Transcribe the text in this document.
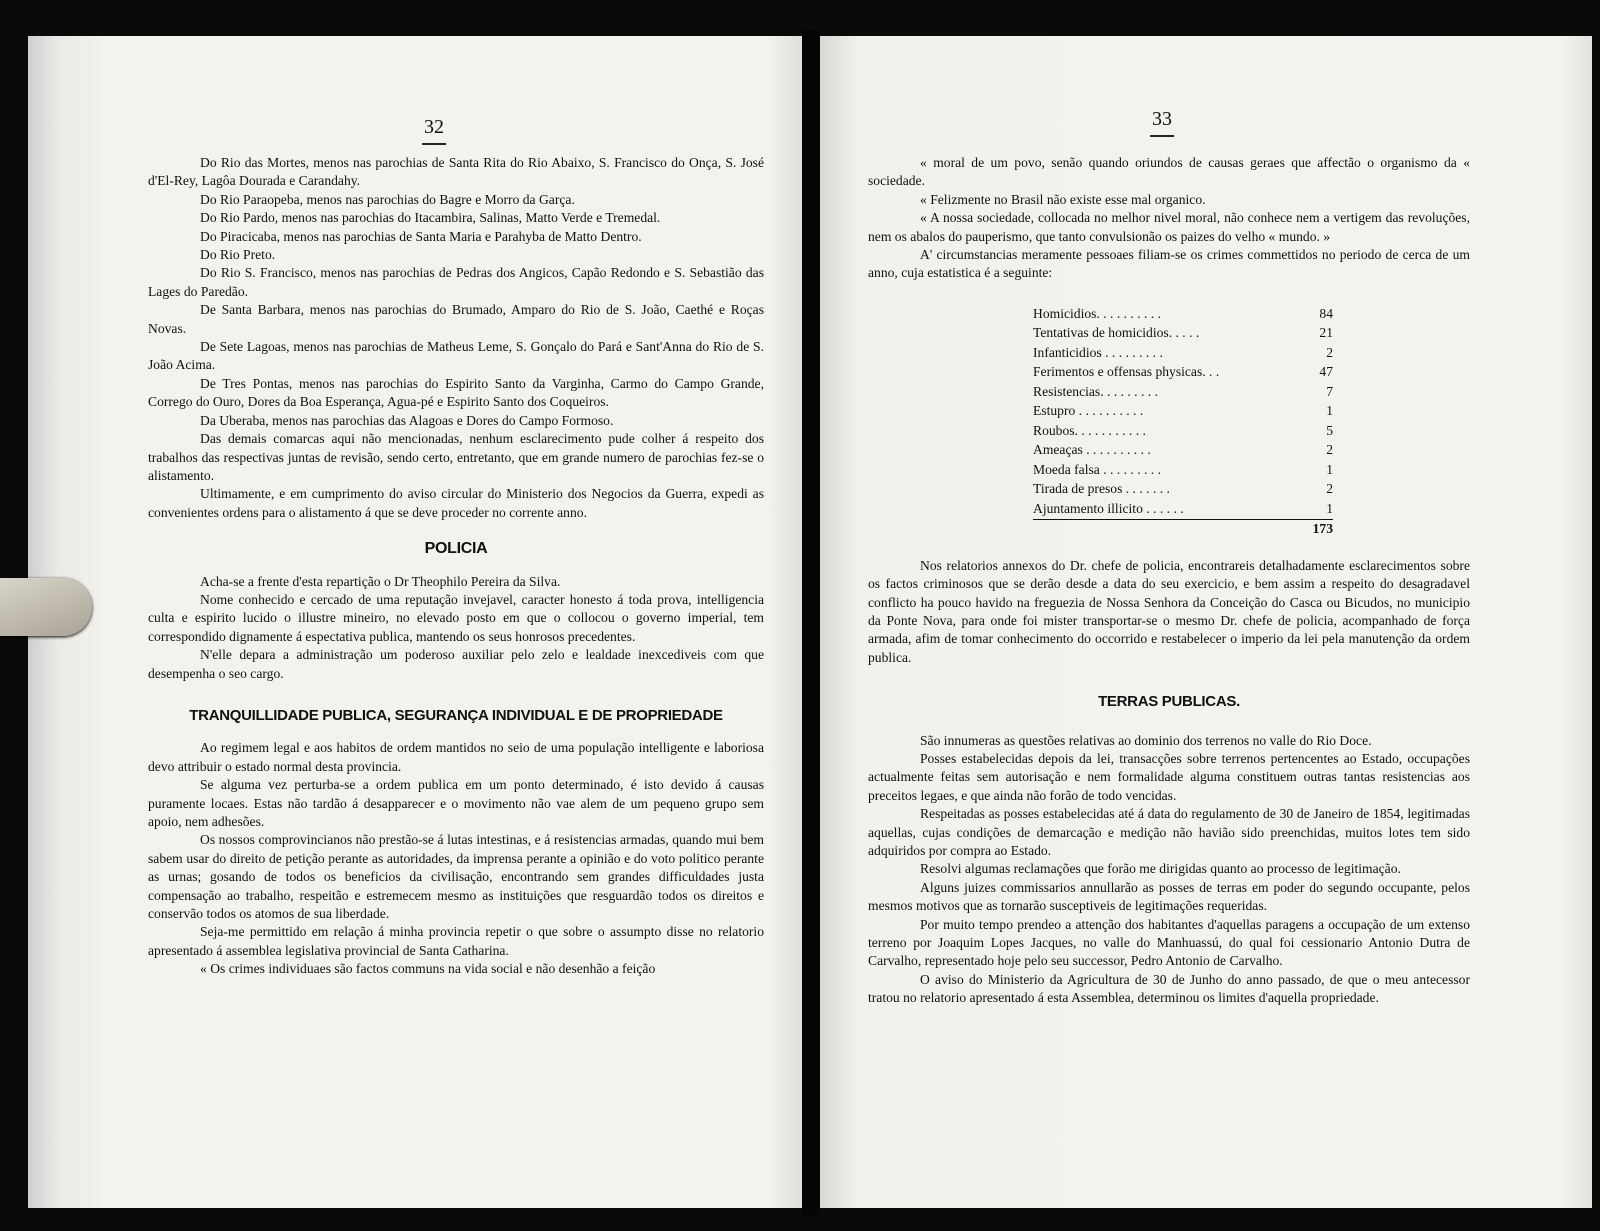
32

Do Rio das Mortes, menos nas parochias de Santa Rita do Rio Abaixo, S. Francisco do Onça, S. José d'El-Rey, Lagôa Dourada e Carandahy.

Do Rio Paraopeba, menos nas parochias do Bagre e Morro da Garça.

Do Rio Pardo, menos nas parochias do Itacambira, Salinas, Matto Verde e Tremedal.

Do Piracicaba, menos nas parochias de Santa Maria e Parahyba de Matto Dentro.

Do Rio Preto.

Do Rio S. Francisco, menos nas parochias de Pedras dos Angicos, Capão Redondo e S. Sebastião das Lages do Paredão.

De Santa Barbara, menos nas parochias do Brumado, Amparo do Rio de S. João, Caethé e Roças Novas.

De Sete Lagoas, menos nas parochias de Matheus Leme, S. Gonçalo do Pará e Sant'Anna do Rio de S. João Acima.

De Tres Pontas, menos nas parochias do Espirito Santo da Varginha, Carmo do Campo Grande, Corrego do Ouro, Dores da Boa Esperança, Agua-pé e Espirito Santo dos Coqueiros.

Da Uberaba, menos nas parochias das Alagoas e Dores do Campo Formoso.

Das demais comarcas aqui não mencionadas, nenhum esclarecimento pude colher á respeito dos trabalhos das respectivas juntas de revisão, sendo certo, entretanto, que em grande numero de parochias fez-se o alistamento.

Ultimamente, e em cumprimento do aviso circular do Ministerio dos Negocios da Guerra, expedi as convenientes ordens para o alistamento á que se deve proceder no corrente anno.

POLICIA

Acha-se a frente d'esta repartição o Dr Theophilo Pereira da Silva.

Nome conhecido e cercado de uma reputação invejavel, caracter honesto á toda prova, intelligencia culta e espirito lucido o illustre mineiro, no elevado posto em que o collocou o governo imperial, tem correspondido dignamente á espectativa publica, mantendo os seus honrosos precedentes.

N'elle depara a administração um poderoso auxiliar pelo zelo e lealdade inexcediveis com que desempenha o seo cargo.

TRANQUILLIDADE PUBLICA, SEGURANÇA INDIVIDUAL E DE PROPRIEDADE

Ao regimem legal e aos habitos de ordem mantidos no seio de uma população intelligente e laboriosa devo attribuir o estado normal desta provincia.

Se alguma vez perturba-se a ordem publica em um ponto determinado, é isto devido á causas puramente locaes. Estas não tardão á desapparecer e o movimento não vae alem de um pequeno grupo sem apoio, nem adhesões.

Os nossos comprovincianos não prestão-se á lutas intestinas, e á resistencias armadas, quando mui bem sabem usar do direito de petição perante as autoridades, da imprensa perante a opinião e do voto politico perante as urnas; gosando de todos os beneficios da civilisação, encontrando sem grandes difficuldades justa compensação ao trabalho, respeitão e estremecem mesmo as instituições que resguardão todos os direitos e conservão todos os atomos de sua liberdade.

Seja-me permittido em relação á minha provincia repetir o que sobre o assumpto disse no relatorio apresentado á assemblea legislativa provincial de Santa Catharina.

« Os crimes individuaes são factos communs na vida social e não desenhão a feição

33

« moral de um povo, senão quando oriundos de causas geraes que affectão o organismo da « sociedade.

« Felizmente no Brasil não existe esse mal organico.

« A nossa sociedade, collocada no melhor nivel moral, não conhece nem a vertigem das revoluções, nem os abalos do pauperismo, que tanto convulsionão os paizes do velho « mundo. »

A' circumstancias meramente pessoaes filiam-se os crimes commettidos no periodo de cerca de um anno, cuja estatistica é a seguinte:

Homicidios. . . . . . . . . .	84
Tentativas de homicidios. . . . .	21
Infanticidios . . . . . . . . .	2
Ferimentos e offensas physicas. . .	47
Resistencias. . . . . . . . .	7
Estupro . . . . . . . . . .	1
Roubos. . . . . . . . . . .	5
Ameaças . . . . . . . . . .	2
Moeda falsa . . . . . . . . .	1
Tirada de presos . . . . . . .	2
Ajuntamento illicito . . . . . .	1
173

Nos relatorios annexos do Dr. chefe de policia, encontrareis detalhadamente esclarecimentos sobre os factos criminosos que se derão desde a data do seu exercicio, e bem assim a respeito do desagradavel conflicto ha pouco havido na freguezia de Nossa Senhora da Conceição do Casca ou Bicudos, no municipio da Ponte Nova, para onde foi mister transportar-se o mesmo Dr. chefe de policia, acompanhado de força armada, afim de tomar conhecimento do occorrido e restabelecer o imperio da lei pela manutenção da ordem publica.

TERRAS PUBLICAS.

São innumeras as questões relativas ao dominio dos terrenos no valle do Rio Doce.

Posses estabelecidas depois da lei, transacções sobre terrenos pertencentes ao Estado, occupações actualmente feitas sem autorisação e nem formalidade alguma constituem outras tantas resistencias aos preceitos legaes, e que ainda não forão de todo vencidas.

Respeitadas as posses estabelecidas até á data do regulamento de 30 de Janeiro de 1854, legitimadas aquellas, cujas condições de demarcação e medição não havião sido preenchidas, muitos lotes tem sido adquiridos por compra ao Estado.

Resolvi algumas reclamações que forão me dirigidas quanto ao processo de legitimação.

Alguns juizes commissarios annullarão as posses de terras em poder do segundo occupante, pelos mesmos motivos que as tornarão susceptiveis de legitimações requeridas.

Por muito tempo prendeo a attenção dos habitantes d'aquellas paragens a occupação de um extenso terreno por Joaquim Lopes Jacques, no valle do Manhuassú, do qual foi cessionario Antonio Dutra de Carvalho, representado hoje pelo seu successor, Pedro Antonio de Carvalho.

O aviso do Ministerio da Agricultura de 30 de Junho do anno passado, de que o meu antecessor tratou no relatorio apresentado á esta Assemblea, determinou os limites d'aquella propriedade.
